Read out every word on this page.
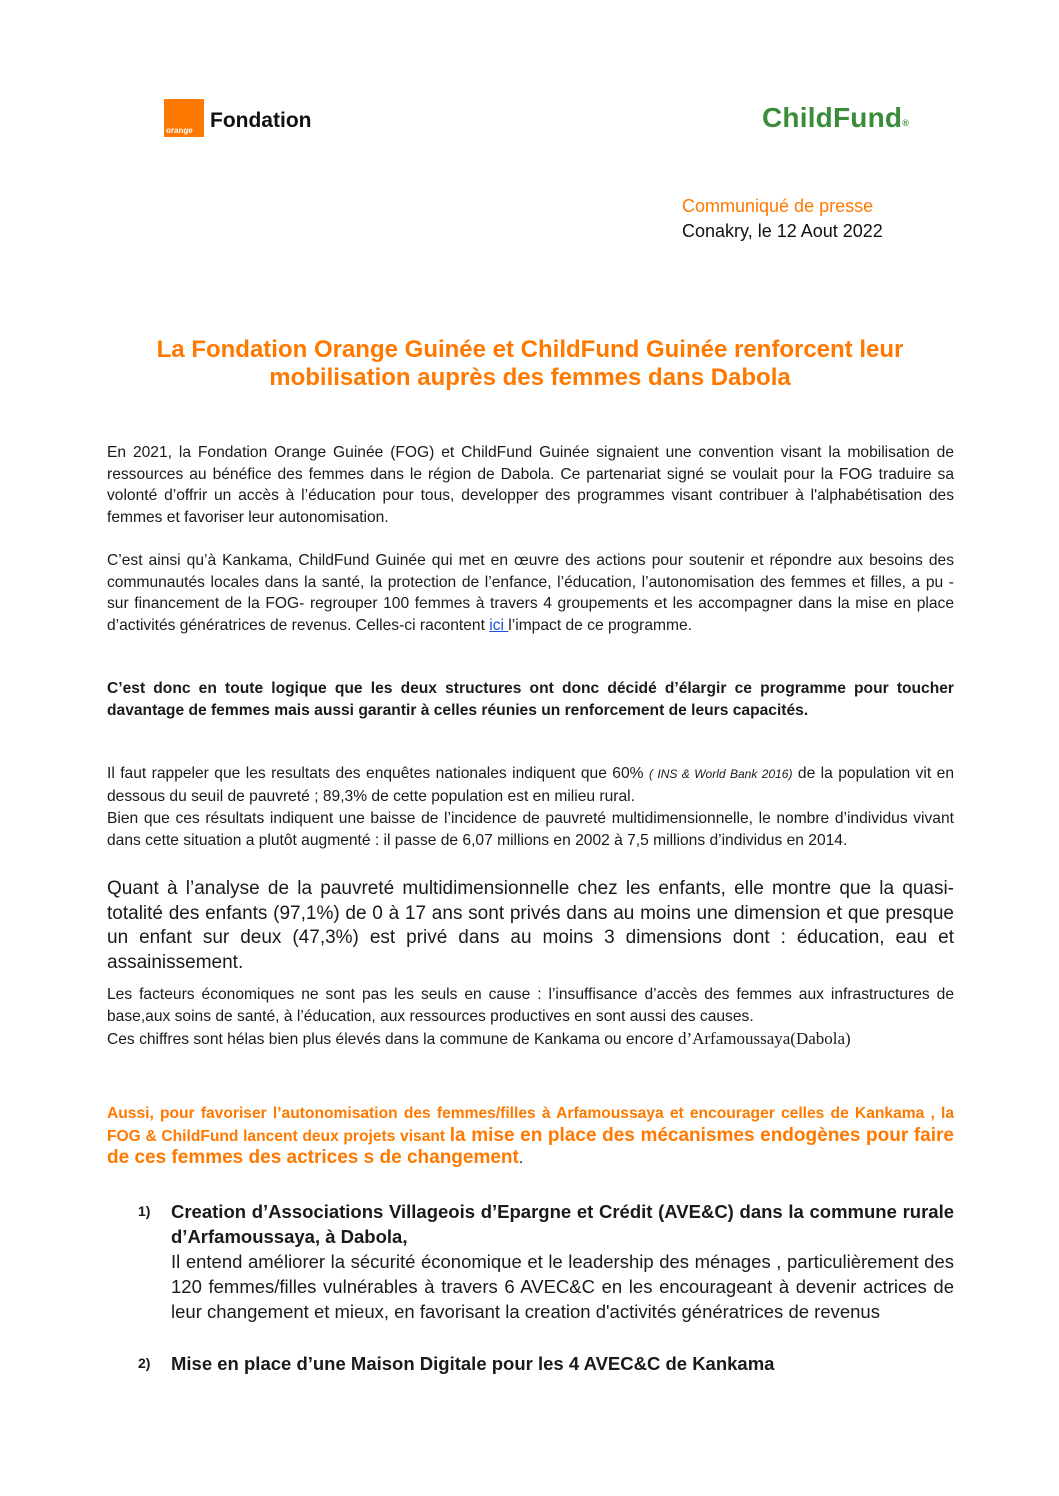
orange Fondation	ChildFund®
Communiqué de presse
Conakry, le 12 Aout 2022
La Fondation Orange Guinée et ChildFund Guinée renforcent leur mobilisation auprès des femmes dans Dabola

En 2021, la Fondation Orange Guinée (FOG) et ChildFund Guinée signaient une convention visant la mobilisation de ressources au bénéfice des femmes dans le région de Dabola. Ce partenariat signé se voulait pour la FOG traduire sa volonté d’offrir un accès à l’éducation pour tous, developper des programmes visant contribuer à l'alphabétisation des femmes et favoriser leur autonomisation.

C’est ainsi qu’à Kankama, ChildFund Guinée qui met en œuvre des actions pour soutenir et répondre aux besoins des communautés locales dans la santé, la protection de l’enfance, l’éducation, l’autonomisation des femmes et filles, a pu - sur financement de la FOG- regrouper 100 femmes à travers 4 groupements et les accompagner dans la mise en place d’activités génératrices de revenus. Celles-ci racontent ici l’impact de ce programme.

C’est donc en toute logique que les deux structures ont donc décidé d’élargir ce programme pour toucher davantage de femmes mais aussi garantir à celles réunies un renforcement de leurs capacités.

Il faut rappeler que les resultats des enquêtes nationales indiquent que 60% ( INS & World Bank 2016) de la population vit en dessous du seuil de pauvreté ; 89,3% de cette population est en milieu rural.

Bien que ces résultats indiquent une baisse de l’incidence de pauvreté multidimensionnelle, le nombre d’individus vivant dans cette situation a plutôt augmenté : il passe de 6,07 millions en 2002 à 7,5 millions d’individus en 2014.

Quant à l’analyse de la pauvreté multidimensionnelle chez les enfants, elle montre que la quasi-totalité des enfants (97,1%) de 0 à 17 ans sont privés dans au moins une dimension et que presque un enfant sur deux (47,3%) est privé dans au moins 3 dimensions dont : éducation, eau et assainissement.

Les facteurs économiques ne sont pas les seuls en cause : l’insuffisance d’accès des femmes aux infrastructures de base,aux soins de santé, à l’éducation, aux ressources productives en sont aussi des causes.

Ces chiffres sont hélas bien plus élevés dans la commune de Kankama ou encore d’Arfamoussaya(Dabola)

Aussi, pour favoriser l’autonomisation des femmes/filles à Arfamoussaya et encourager celles de Kankama , la FOG & ChildFund lancent deux projets visant la mise en place des mécanismes endogènes pour faire de ces femmes des actrices s de changement.

1) Creation d’Associations Villageois d’Epargne et Crédit (AVE&C) dans la commune rurale d’Arfamoussaya, à Dabola,
Il entend améliorer la sécurité économique et le leadership des ménages , particulièrement des 120 femmes/filles vulnérables à travers 6 AVEC&C en les encourageant à devenir actrices de leur changement et mieux, en favorisant la creation d'activités génératrices de revenus
2) Mise en place d’une Maison Digitale pour les 4 AVEC&C de Kankama
